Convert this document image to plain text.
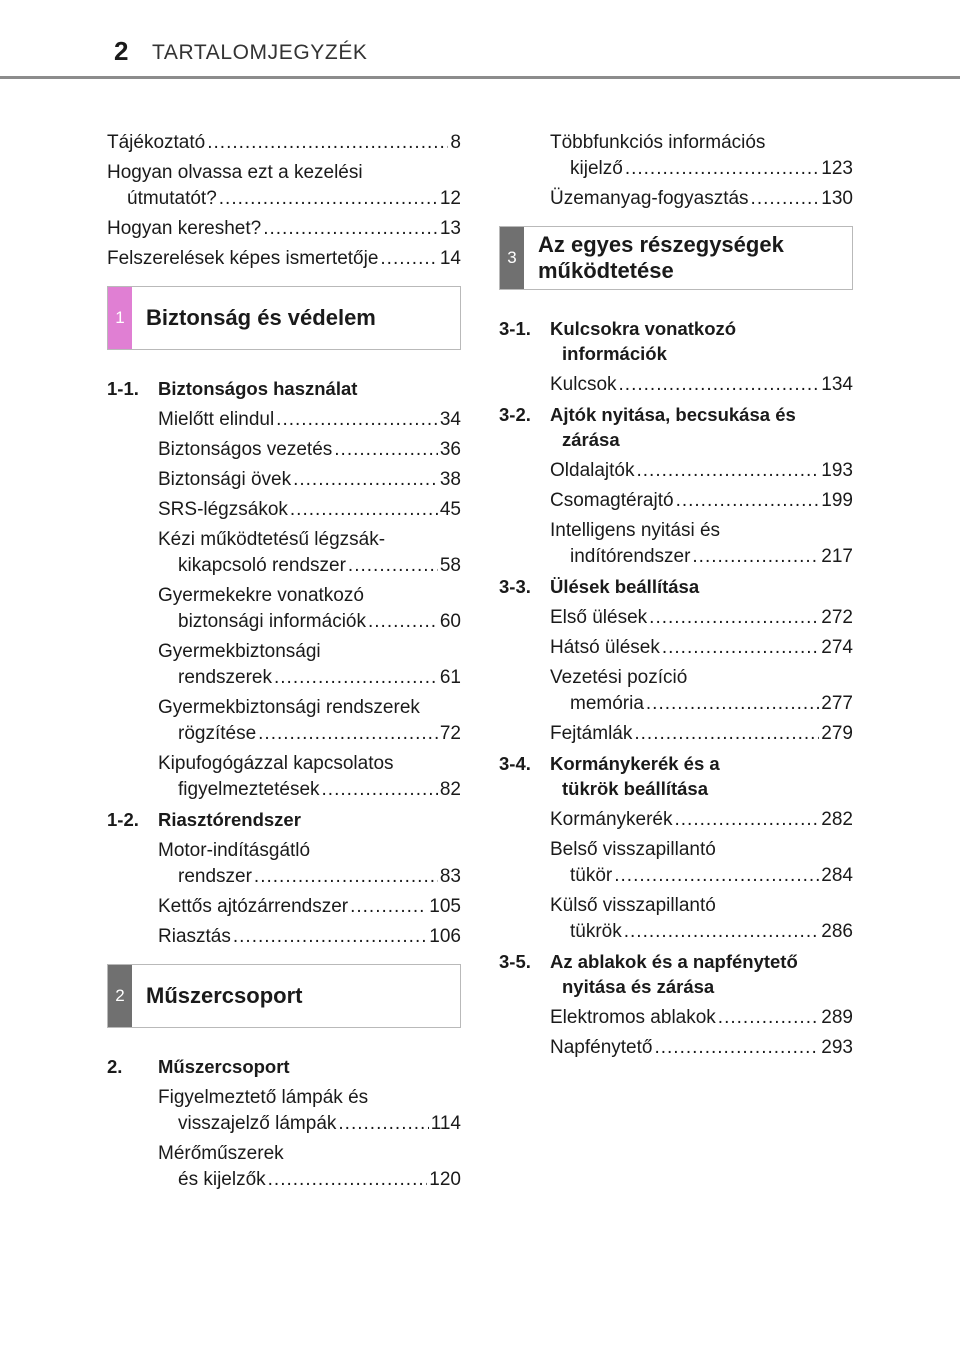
2 TARTALOMJEGYZÉK
Tájékoztató .....	8
Hogyan olvassa ezt a kezelési
útmutatót? .....	12
Hogyan kereshet? .....	13
Felszerelések képes ismertetője .....	14
1 Biztonság és védelem
1-1.	Biztonságos használat
Mielőtt elindul .....	34
Biztonságos vezetés .....	36
Biztonsági övek .....	38
SRS-légzsákok .....	45
Kézi működtetésű légzsák-
kikapcsoló rendszer .....	58
Gyermekekre vonatkozó
biztonsági információk .....	60
Gyermekbiztonsági
rendszerek .....	61
Gyermekbiztonsági rendszerek
rögzítése .....	72
Kipufogógázzal kapcsolatos
figyelmeztetések .....	82
1-2.	Riasztórendszer
Motor-indításgátló
rendszer .....	83
Kettős ajtózárrendszer .....	105
Riasztás .....	106
2 Műszercsoport
2.	Műszercsoport
Figyelmeztető lámpák és
visszajelző lámpák .....	114
Mérőműszerek
és kijelzők .....	120
Többfunkciós információs
kijelző .....	123
Üzemanyag-fogyasztás .....	130
3
Az egyes részegységek
működtetése
3-1.	Kulcsokra vonatkozó
információk
Kulcsok .....	134
3-2.	Ajtók nyitása, becsukása és
zárása
Oldalajtók .....	193
Csomagtérajtó .....	199
Intelligens nyitási és
indítórendszer .....	217
3-3.	Ülések beállítása
Első ülések .....	272
Hátsó ülések .....	274
Vezetési pozíció
memória .....	277
Fejtámlák .....	279
3-4.	Kormánykerék és a
tükrök beállítása
Kormánykerék .....	282
Belső visszapillantó
tükör .....	284
Külső visszapillantó
tükrök .....	286
3-5.	Az ablakok és a napfénytető
nyitása és zárása
Elektromos ablakok .....	289
Napfénytető .....	293
